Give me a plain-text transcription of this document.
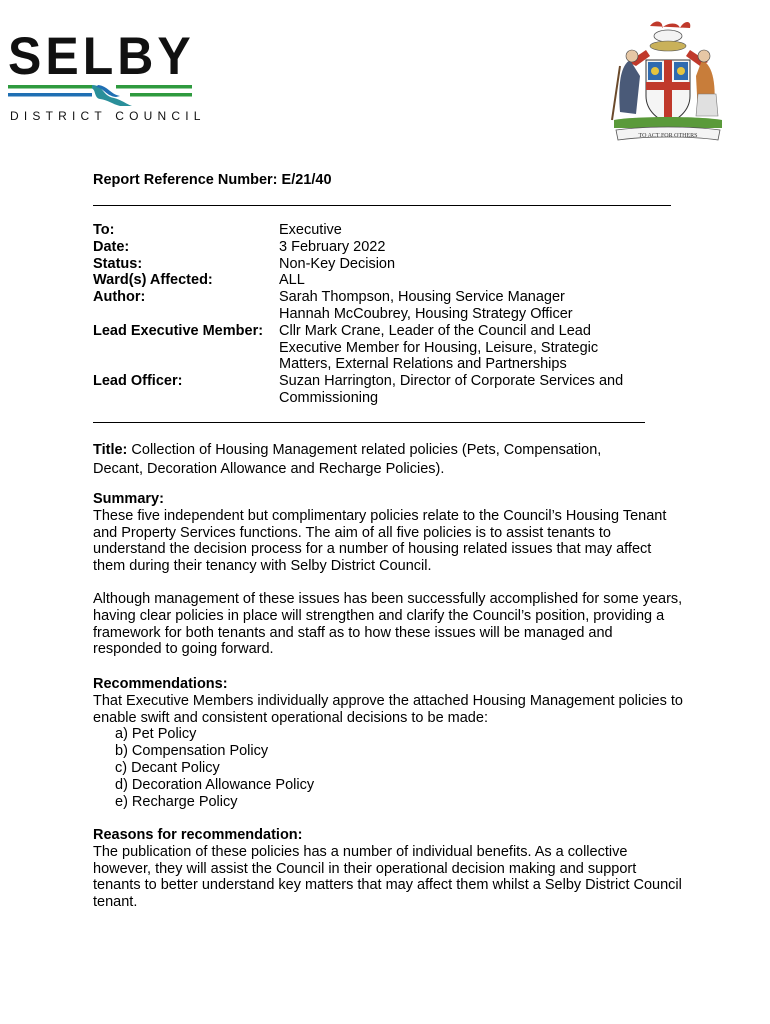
SELBY
DISTRICT COUNCIL
TO ACT FOR OTHERS
Report Reference Number: E/21/40
To:	Executive
Date:	3 February 2022
Status:	Non-Key Decision
Ward(s) Affected:	ALL
Author:	Sarah Thompson, Housing Service Manager
Hannah McCoubrey, Housing Strategy Officer
Lead Executive Member: Cllr Mark Crane, Leader of the Council and Lead Executive Member for Housing, Leisure, Strategic Matters, External Relations and Partnerships
Lead Officer:	Suzan Harrington, Director of Corporate Services and Commissioning
Title: Collection of Housing Management related policies (Pets, Compensation, Decant, Decoration Allowance and Recharge Policies).

Summary:

These five independent but complimentary policies relate to the Council’s Housing Tenant and Property Services functions. The aim of all five policies is to assist tenants to understand the decision process for a number of housing related issues that may affect them during their tenancy with Selby District Council.

Although management of these issues has been successfully accomplished for some years, having clear policies in place will strengthen and clarify the Council’s position, providing a framework for both tenants and staff as to how these issues will be managed and responded to going forward.

Recommendations:

That Executive Members individually approve the attached Housing Management policies to enable swift and consistent operational decisions to be made:

a) Pet Policy
b) Compensation Policy
c) Decant Policy
d) Decoration Allowance Policy
e) Recharge Policy

Reasons for recommendation:

The publication of these policies has a number of individual benefits. As a collective however, they will assist the Council in their operational decision making and support tenants to better understand key matters that may affect them whilst a Selby District Council tenant.
